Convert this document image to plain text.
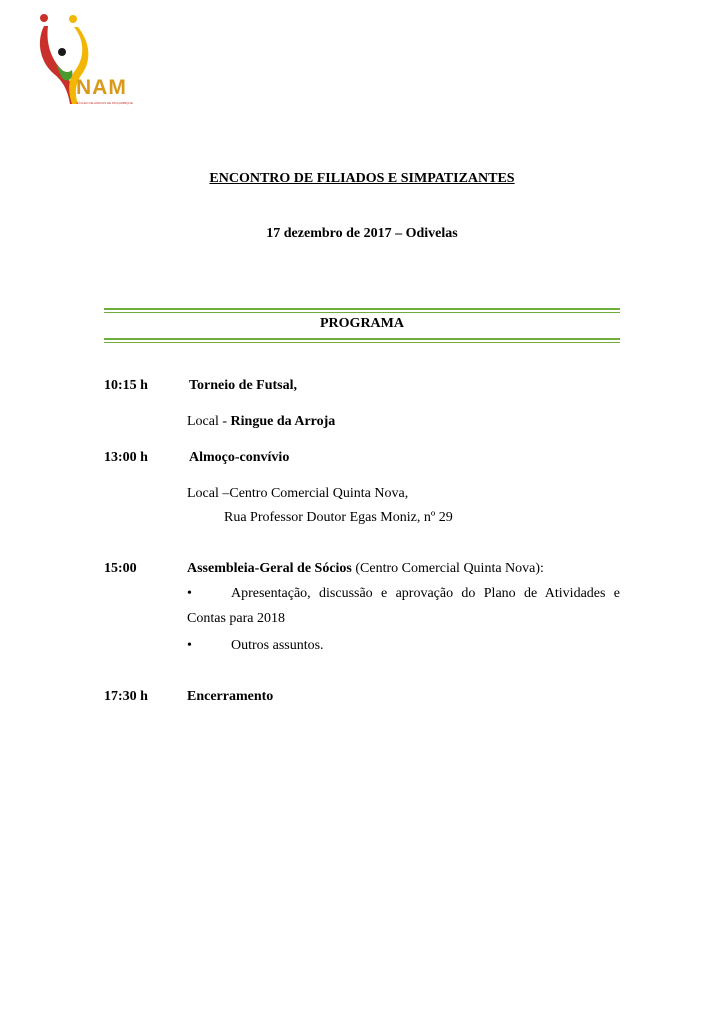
NAM
NÚCLEO DE AMIGOS DE MOÇAMBIQUE
ENCONTRO DE FILIADOS E SIMPATIZANTES
17 dezembro de 2017 – Odivelas
PROGRAMA
10:15 h	Torneio de Futsal,
Local - Ringue da Arroja
13:00 h	Almoço-convívio
Local –Centro Comercial Quinta Nova,
Rua Professor Doutor Egas Moniz, nº 29
15:00	Assembleia-Geral de Sócios (Centro Comercial Quinta Nova):
•	Apresentação, discussão e aprovação do Plano de Atividades e
Contas para 2018
•	Outros assuntos.
17:30 h	Encerramento
